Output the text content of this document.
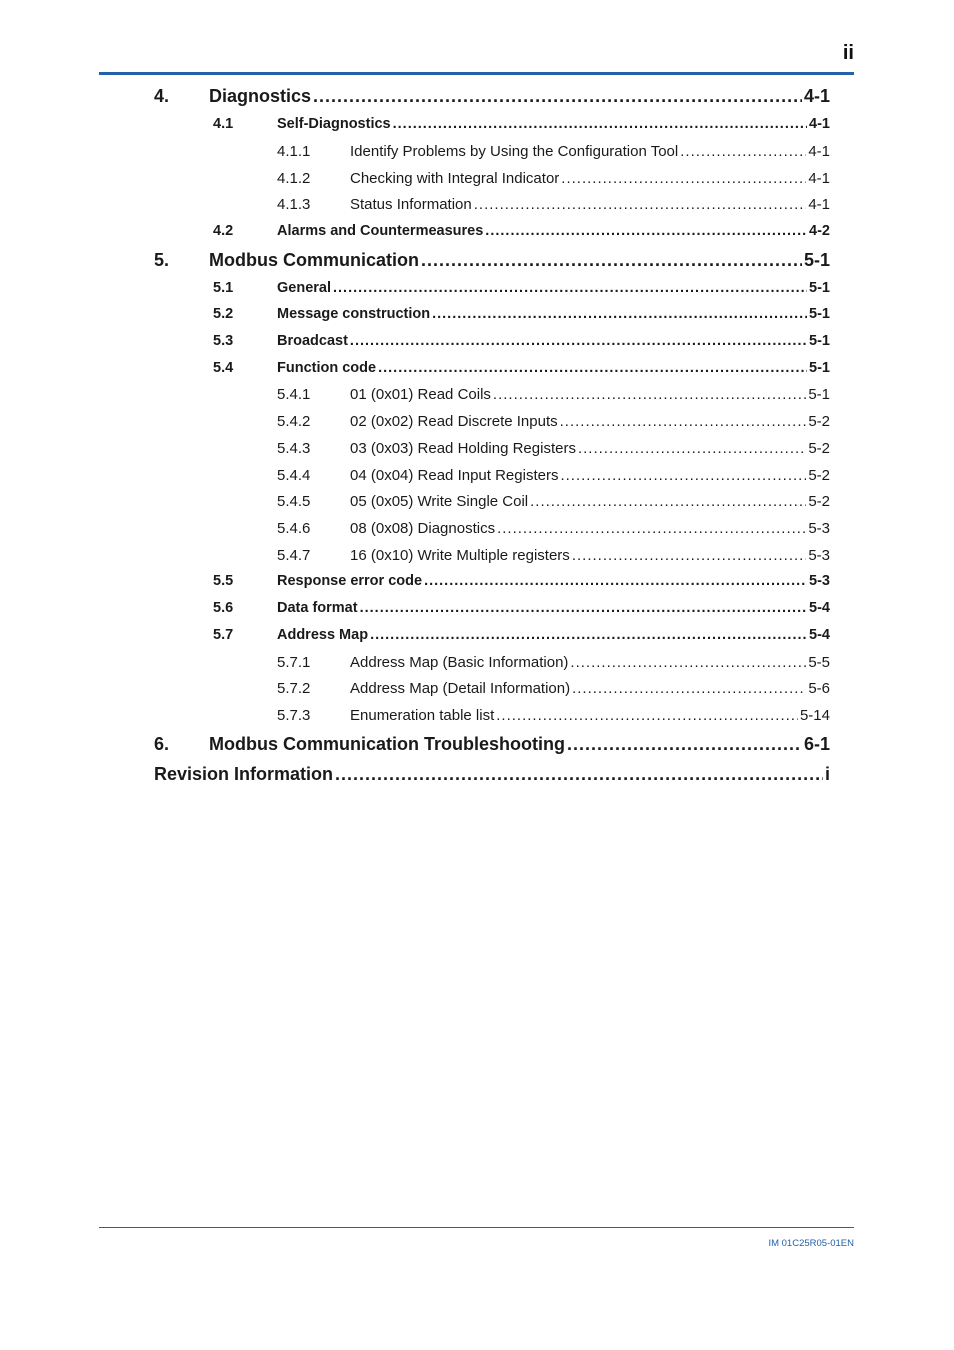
ii
4. Diagnostics .....	4-1
4.1	Self-Diagnostics .....	4-1
4.1.1	Identify Problems by Using the Configuration Tool .....	4-1
4.1.2	Checking with Integral Indicator .....	4-1
4.1.3	Status Information .....	4-1
4.2	Alarms and Countermeasures .....	4-2
5. Modbus Communication .....	5-1
5.1	General .....	5-1
5.2	Message construction .....	5-1
5.3	Broadcast .....	5-1
5.4	Function code .....	5-1
5.4.1	01 (0x01) Read Coils .....	5-1
5.4.2	02 (0x02) Read Discrete Inputs .....	5-2
5.4.3	03 (0x03) Read Holding Registers .....	5-2
5.4.4	04 (0x04) Read Input Registers .....	5-2
5.4.5	05 (0x05) Write Single Coil .....	5-2
5.4.6	08 (0x08) Diagnostics .....	5-3
5.4.7	16 (0x10) Write Multiple registers .....	5-3
5.5	Response error code .....	5-3
5.6	Data format .....	5-4
5.7	Address Map .....	5-4
5.7.1	Address Map (Basic Information) .....	5-5
5.7.2	Address Map (Detail Information) .....	5-6
5.7.3	Enumeration table list .....	5-14
6. Modbus Communication Troubleshooting .....	6-1
Revision Information .....	i
IM 01C25R05-01EN
